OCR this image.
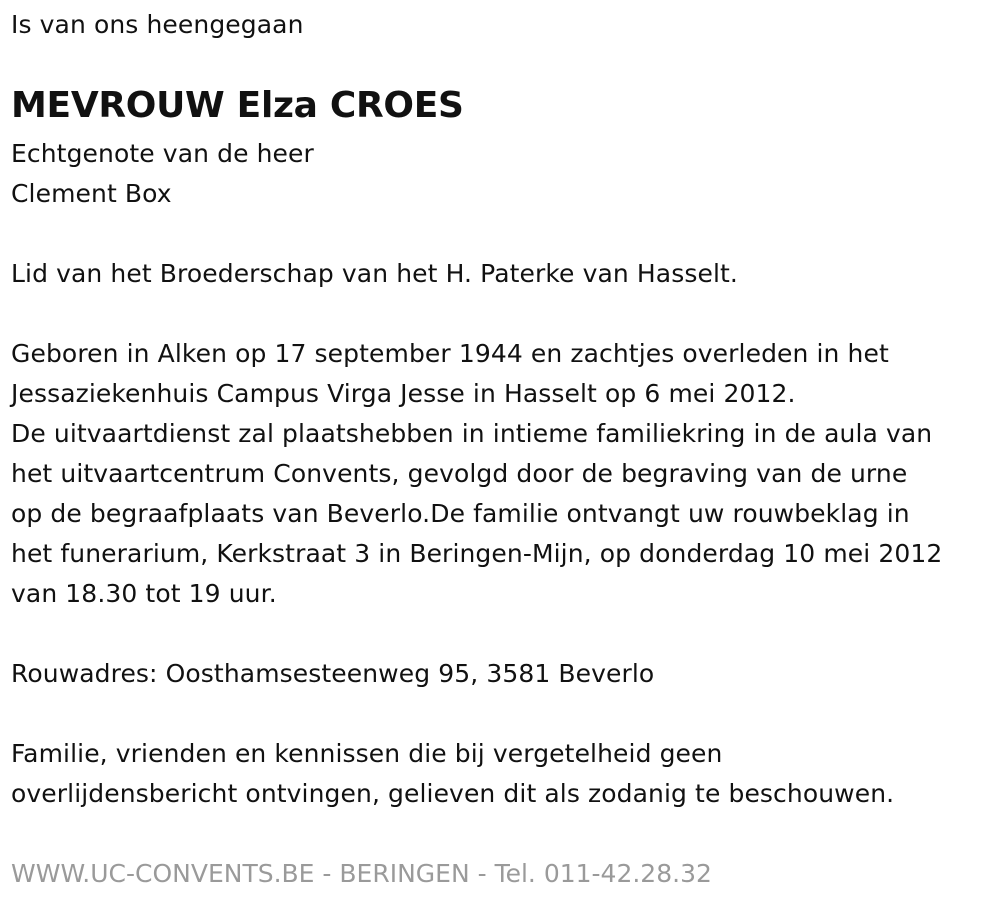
Is van ons heengegaan
MEVROUW Elza CROES
Echtgenote van de heer
Clement Box
Lid van het Broederschap van het H. Paterke van Hasselt.
Geboren in Alken op 17 september 1944 en zachtjes overleden in het
Jessaziekenhuis Campus Virga Jesse in Hasselt op 6 mei 2012.
De uitvaartdienst zal plaatshebben in intieme familiekring in de aula van
het uitvaartcentrum Convents, gevolgd door de begraving van de urne
op de begraafplaats van Beverlo.De familie ontvangt uw rouwbeklag in
het funerarium, Kerkstraat 3 in Beringen-Mijn, op donderdag 10 mei 2012
van 18.30 tot 19 uur.
Rouwadres: Oosthamsesteenweg 95, 3581 Beverlo
Familie, vrienden en kennissen die bij vergetelheid geen
overlijdensbericht ontvingen, gelieven dit als zodanig te beschouwen.
WWW.UC-CONVENTS.BE - BERINGEN - Tel. 011-42.28.32
